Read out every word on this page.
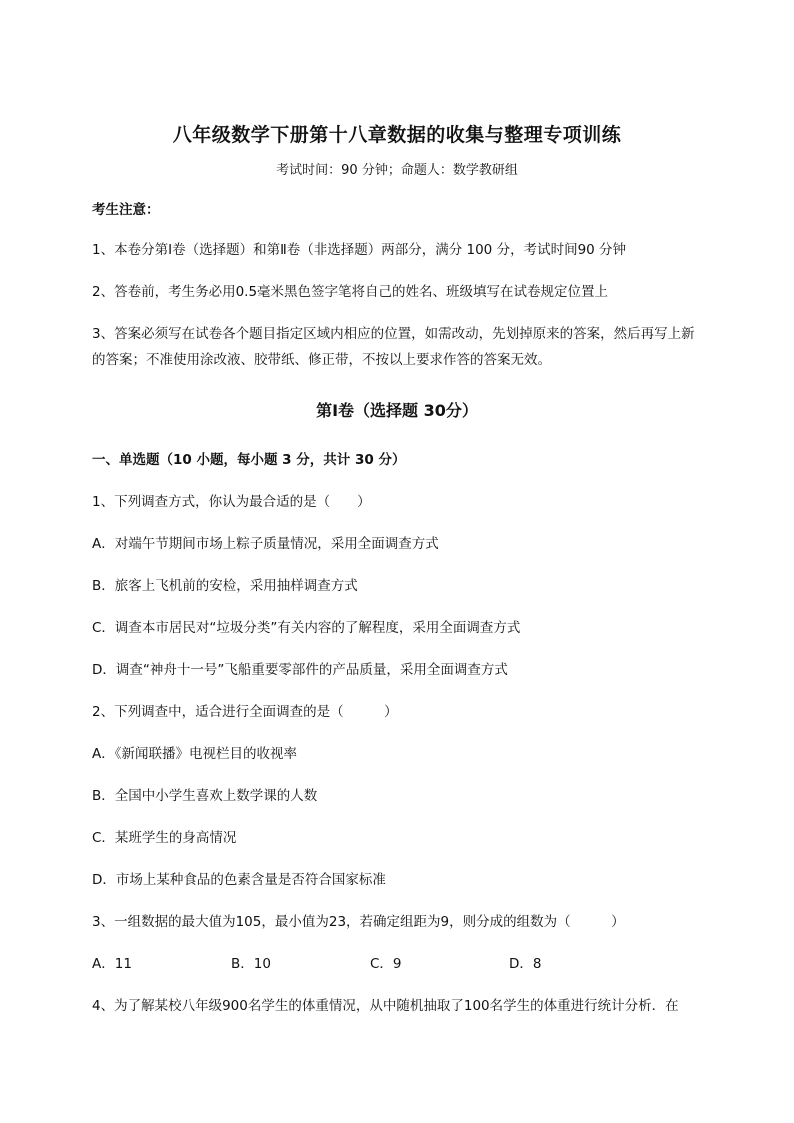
八年级数学下册第十八章数据的收集与整理专项训练
考试时间：90 分钟；命题人：数学教研组
考生注意：
1、本卷分第Ⅰ卷（选择题）和第Ⅱ卷（非选择题）两部分，满分 100 分，考试时间90 分钟
2、答卷前，考生务必用0.5毫米黑色签字笔将自己的姓名、班级填写在试卷规定位置上
3、答案必须写在试卷各个题目指定区域内相应的位置，如需改动，先划掉原来的答案，然后再写上新
的答案；不准使用涂改液、胶带纸、修正带，不按以上要求作答的答案无效。
第Ⅰ卷（选择题 30分）
一、单选题（10 小题，每小题 3 分，共计 30 分）
1、下列调查方式，你认为最合适的是（　　）
A．对端午节期间市场上粽子质量情况，采用全面调查方式
B．旅客上飞机前的安检，采用抽样调查方式
C．调查本市居民对“垃圾分类”有关内容的了解程度，采用全面调查方式
D．调查“神舟十一号”飞船重要零部件的产品质量，采用全面调查方式
2、下列调查中，适合进行全面调查的是（　　　）
A．《新闻联播》电视栏目的收视率
B．全国中小学生喜欢上数学课的人数
C．某班学生的身高情况
D．市场上某种食品的色素含量是否符合国家标准
3、一组数据的最大值为105，最小值为23，若确定组距为9，则分成的组数为（　　　）
A．11	B．10	C．9	D．8
4、为了解某校八年级900名学生的体重情况，从中随机抽取了100名学生的体重进行统计分析．在
